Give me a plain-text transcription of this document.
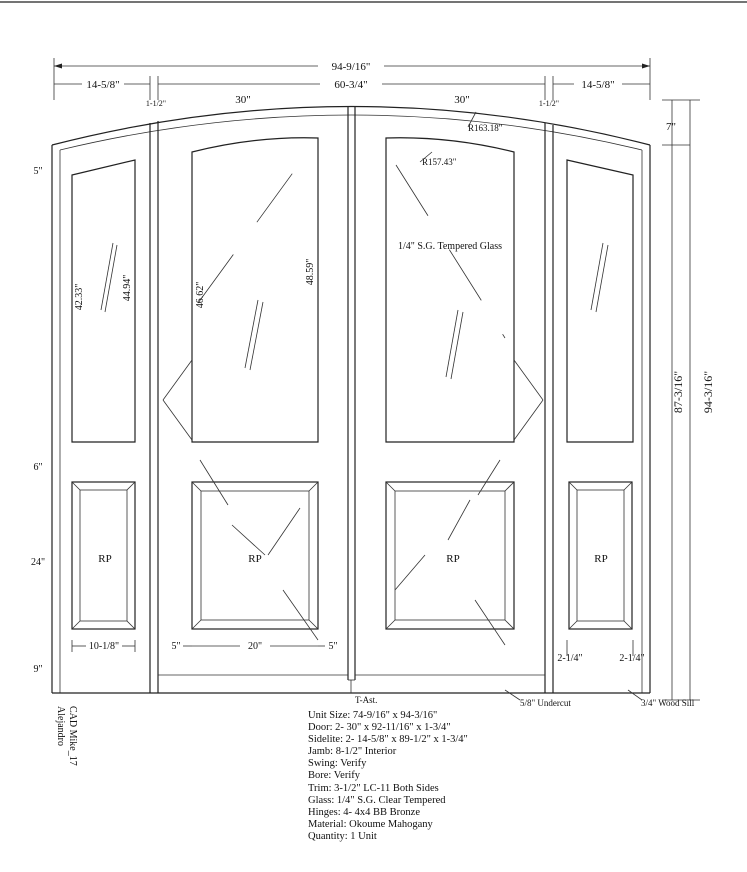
94-9/16"
14-5/8"	60-3/4"	14-5/8"
1-1/2"	1-1/2"
30"	30"
42.33"	44.94"	46.62"
48.59"
R157.43"
1/4" S.G. Tempered Glass
RP	RP	RP	RP
10-1/8"	5"	20"	5"
2-1/4"	2-1/4"
5"
6"
24"
9"
7"
87-3/16" 94-3/16"
R163.18"
T-Ast.	5/8" Undercut	3/4" Wood Sill
CAD Mike_17
Alejandro	Unit Size: 74-9/16" x 94-3/16"
Door: 2- 30" x 92-11/16" x 1-3/4"
Sidelite: 2- 14-5/8" x 89-1/2" x 1-3/4"
Jamb: 8-1/2" Interior
Swing: Verify
Bore: Verify
Trim: 3-1/2" LC-11 Both Sides
Glass: 1/4" S.G. Clear Tempered
Hinges: 4- 4x4 BB Bronze
Material: Okoume Mahogany
Quantity: 1 Unit
